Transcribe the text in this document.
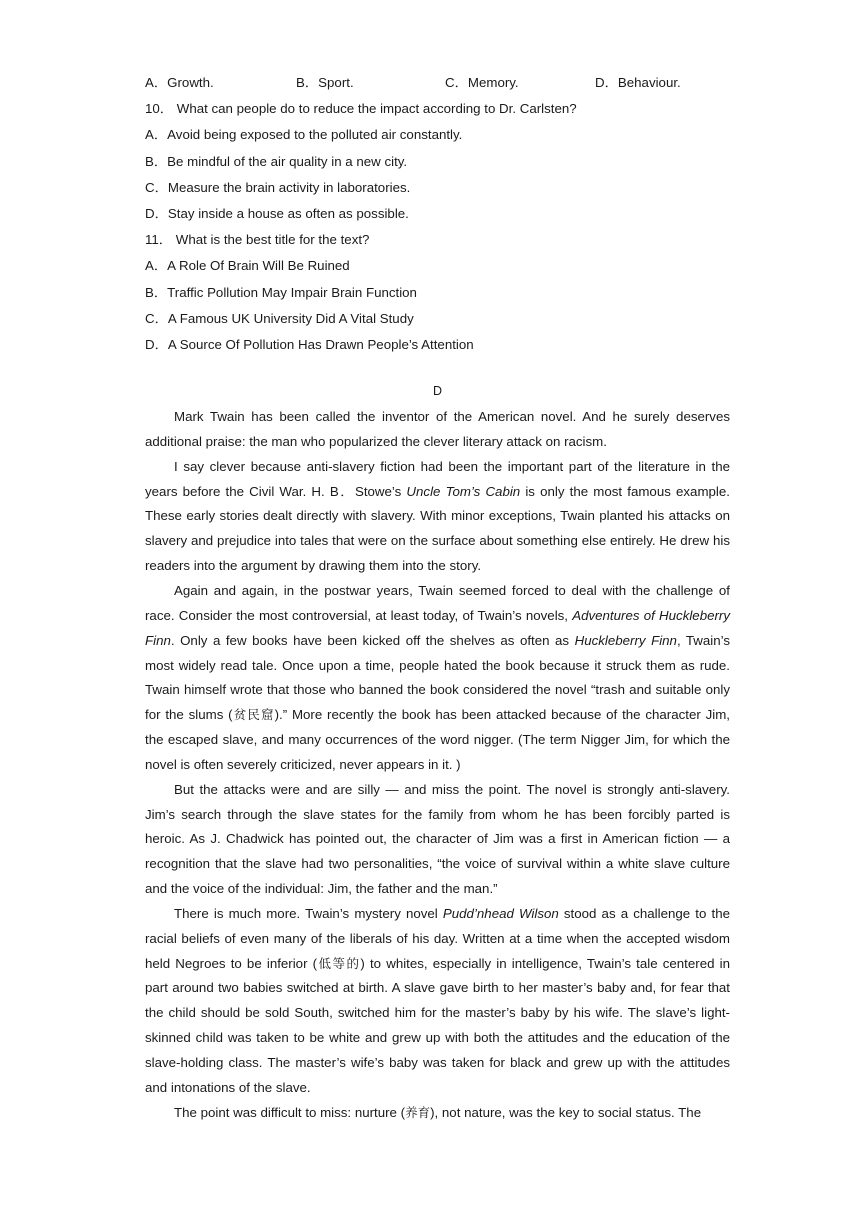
A．Growth.	B．Sport.	C．Memory.	D．Behaviour.
10． What can people do to reduce the impact according to Dr. Carlsten?
A．Avoid being exposed to the polluted air constantly.
B．Be mindful of the air quality in a new city.
C．Measure the brain activity in laboratories.
D．Stay inside a house as often as possible.
11． What is the best title for the text?
A．A Role Of Brain Will Be Ruined
B．Traffic Pollution May Impair Brain Function
C．A Famous UK University Did A Vital Study
D．A Source Of Pollution Has Drawn People’s Attention
D

Mark Twain has been called the inventor of the American novel. And he surely deserves additional praise: the man who popularized the clever literary attack on racism.

I say clever because anti-slavery fiction had been the important part of the literature in the years before the Civil War. H. B．Stowe’s Uncle Tom’s Cabin is only the most famous example. These early stories dealt directly with slavery. With minor exceptions, Twain planted his attacks on slavery and prejudice into tales that were on the surface about something else entirely. He drew his readers into the argument by drawing them into the story.

Again and again, in the postwar years, Twain seemed forced to deal with the challenge of race. Consider the most controversial, at least today, of Twain’s novels, Adventures of Huckleberry Finn. Only a few books have been kicked off the shelves as often as Huckleberry Finn, Twain’s most widely read tale. Once upon a time, people hated the book because it struck them as rude. Twain himself wrote that those who banned the book considered the novel “trash and suitable only for the slums (贫民窟).” More recently the book has been attacked because of the character Jim, the escaped slave, and many occurrences of the word nigger. (The term Nigger Jim, for which the novel is often severely criticized, never appears in it. )

But the attacks were and are silly — and miss the point. The novel is strongly anti-slavery. Jim’s search through the slave states for the family from whom he has been forcibly parted is heroic. As J. Chadwick has pointed out, the character of Jim was a first in American fiction — a recognition that the slave had two personalities, “the voice of survival within a white slave culture and the voice of the individual: Jim, the father and the man.”

There is much more. Twain’s mystery novel Pudd’nhead Wilson stood as a challenge to the racial beliefs of even many of the liberals of his day. Written at a time when the accepted wisdom held Negroes to be inferior (低等的) to whites, especially in intelligence, Twain’s tale centered in part around two babies switched at birth. A slave gave birth to her master’s baby and, for fear that the child should be sold South, switched him for the master’s baby by his wife. The slave’s light-skinned child was taken to be white and grew up with both the attitudes and the education of the slave-holding class. The master’s wife’s baby was taken for black and grew up with the attitudes and intonations of the slave.

The point was difficult to miss: nurture (养育), not nature, was the key to social status. The
